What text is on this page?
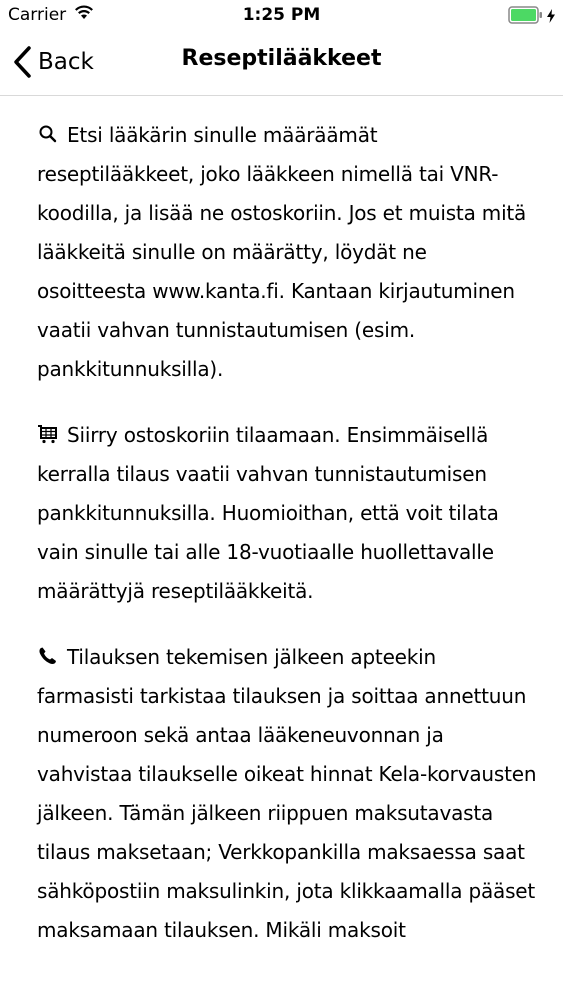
Carrier	1:25 PM
Back	Reseptilääkkeet

Etsi lääkärin sinulle määräämät reseptilääkkeet, joko lääkkeen nimellä tai VNR-koodilla, ja lisää ne ostoskoriin. Jos et muista mitä lääkkeitä sinulle on määrätty, löydät ne osoitteesta www.kanta.fi. Kantaan kirjautuminen vaatii vahvan tunnistautumisen (esim. pankkitunnuksilla).

Siirry ostoskoriin tilaamaan. Ensimmäisellä kerralla tilaus vaatii vahvan tunnistautumisen pankkitunnuksilla. Huomioithan, että voit tilata vain sinulle tai alle 18-vuotiaalle huollettavalle määrättyjä reseptilääkkeitä.

Tilauksen tekemisen jälkeen apteekin farmasisti tarkistaa tilauksen ja soittaa annettuun numeroon sekä antaa lääkeneuvonnan ja vahvistaa tilaukselle oikeat hinnat Kela-korvausten jälkeen. Tämän jälkeen riippuen maksutavasta tilaus maksetaan; Verkkopankilla maksaessa saat sähköpostiin maksulinkin, jota klikkaamalla pääset maksamaan tilauksen. Mikäli maksoit
